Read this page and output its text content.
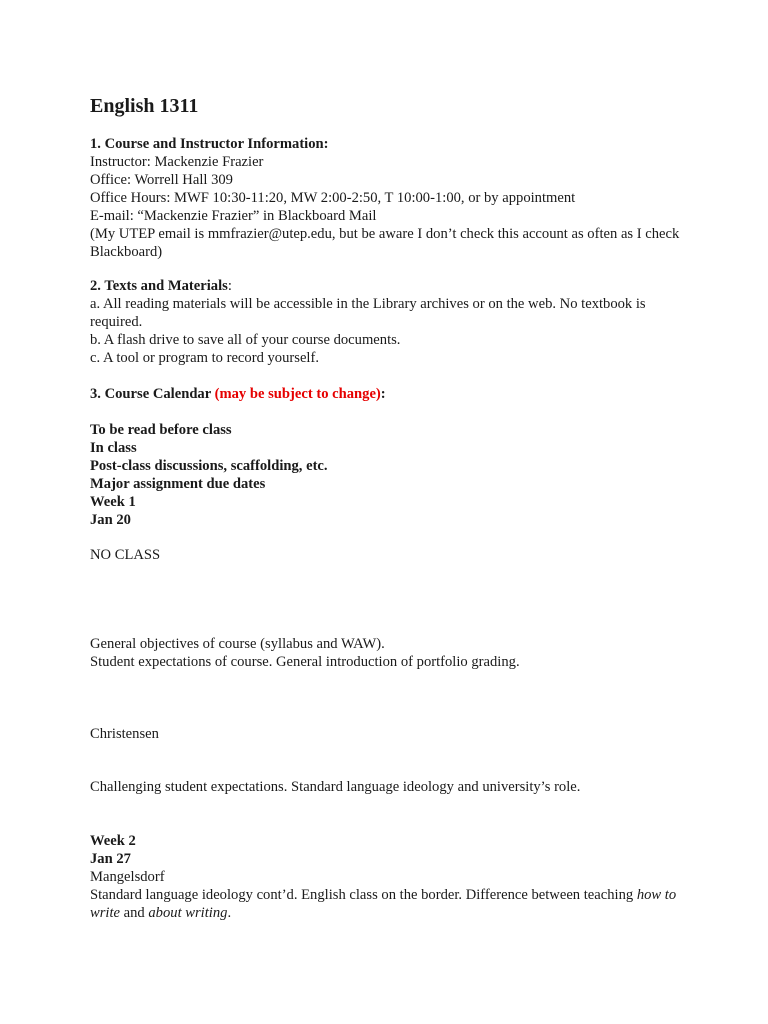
English 1311
1. Course and Instructor Information:
Instructor: Mackenzie Frazier
Office: Worrell Hall 309
Office Hours: MWF 10:30-11:20, MW 2:00-2:50, T 10:00-1:00, or by appointment
E-mail: “Mackenzie Frazier” in Blackboard Mail
(My UTEP email is mmfrazier@utep.edu, but be aware I don’t check this account as often as I check Blackboard)
2. Texts and Materials:
a. All reading materials will be accessible in the Library archives or on the web. No textbook is required.
b. A flash drive to save all of your course documents.
c. A tool or program to record yourself.
3. Course Calendar (may be subject to change):
To be read before class
In class
Post-class discussions, scaffolding, etc.
Major assignment due dates
Week 1
Jan 20
NO CLASS
General objectives of course (syllabus and WAW).
Student expectations of course. General introduction of portfolio grading.
Christensen
Challenging student expectations. Standard language ideology and university’s role.
Week 2
Jan 27
Mangelsdorf
Standard language ideology cont’d. English class on the border. Difference between teaching how to write and about writing.
